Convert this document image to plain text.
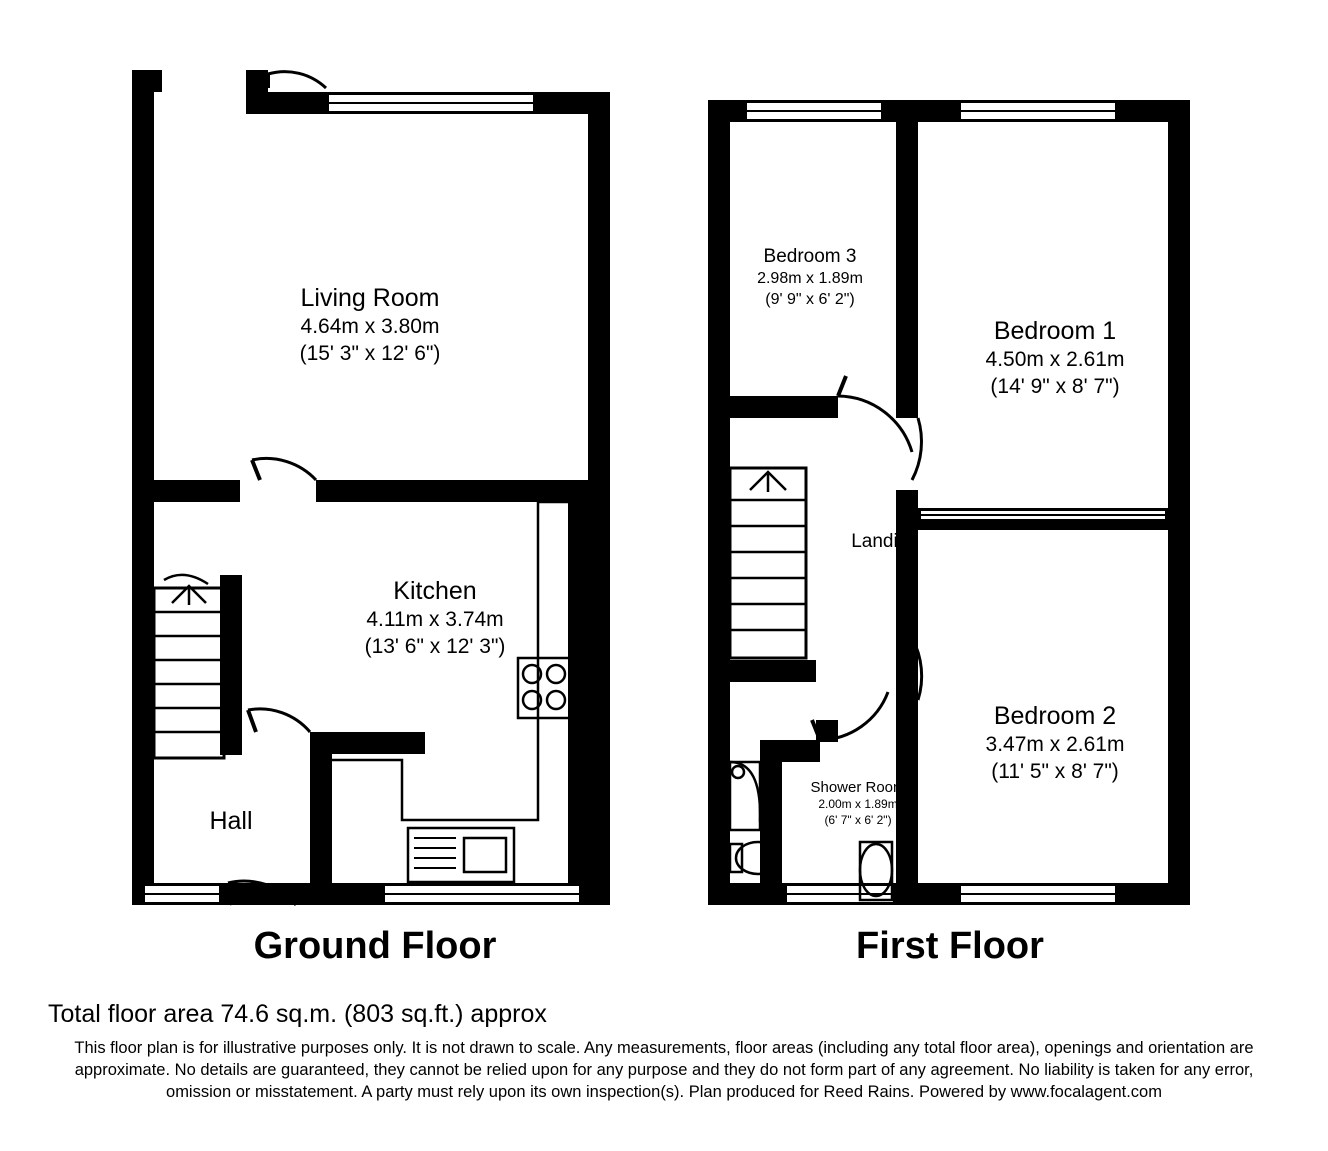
Living Room
4.64m x 3.80m
(15' 3" x 12' 6")
Kitchen
4.11m x 3.74m
(13' 6" x 12' 3")
Hall
Bedroom 3
2.98m x 1.89m
(9' 9" x 6' 2")
Bedroom 1
4.50m x 2.61m
(14' 9" x 8' 7")
Bedroom 2
3.47m x 2.61m
(11' 5" x 8' 7")
Landing
Shower Room
2.00m x 1.89m
(6' 7" x 6' 2")
Ground Floor	First Floor
Total floor area 74.6 sq.m. (803 sq.ft.) approx
This floor plan is for illustrative purposes only. It is not drawn to scale. Any measurements, floor areas (including any total floor area), openings and orientation are approximate. No details are guaranteed, they cannot be relied upon for any purpose and they do not form part of any agreement. No liability is taken for any error, omission or misstatement. A party must rely upon its own inspection(s). Plan produced for Reed Rains. Powered by www.focalagent.com
